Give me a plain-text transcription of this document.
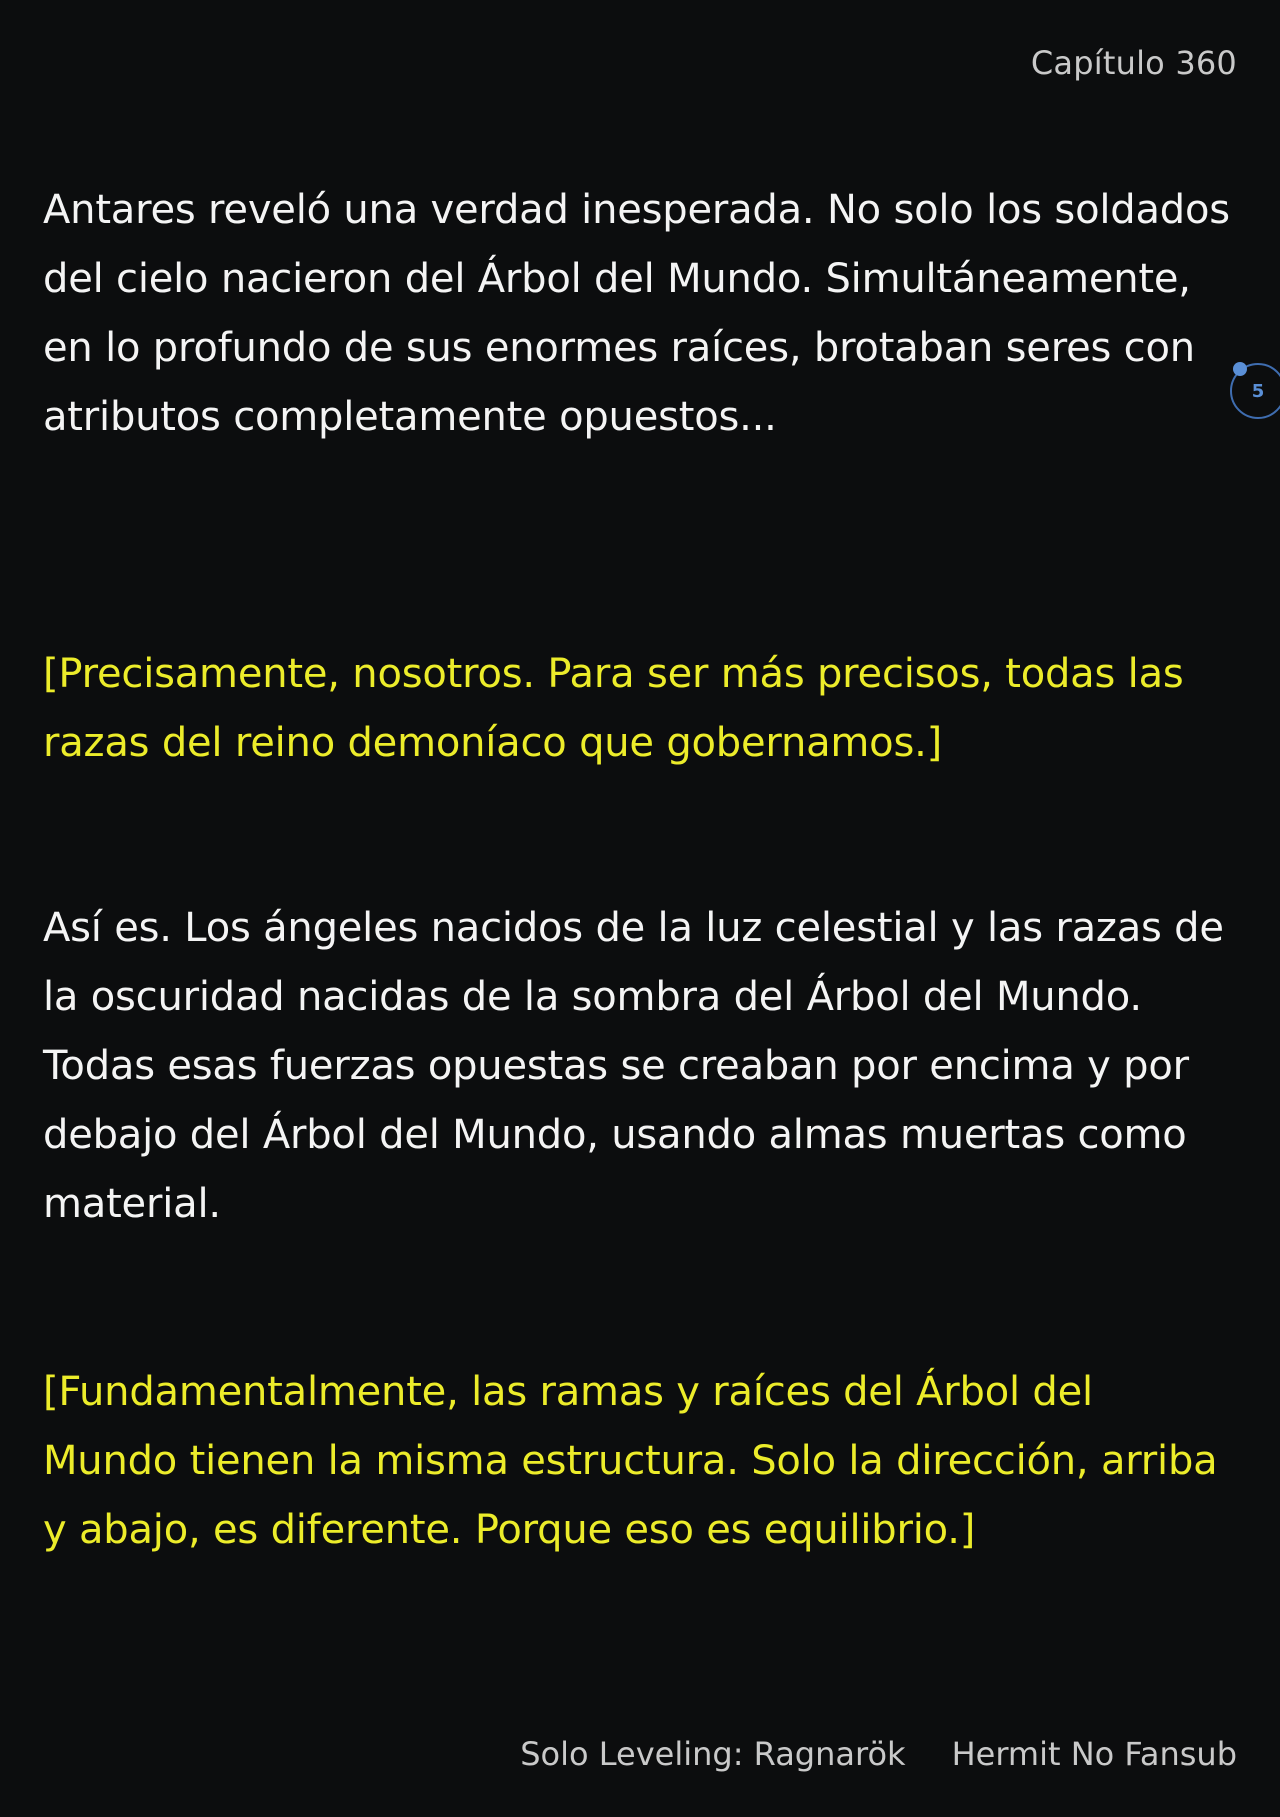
Capítulo 360

Antares reveló una verdad inesperada. No solo los soldados del cielo nacieron del Árbol del Mundo. Simultáneamente, en lo profundo de sus enormes raíces, brotaban seres con atributos completamente opuestos...

[Precisamente, nosotros. Para ser más precisos, todas las razas del reino demoníaco que gobernamos.]

Así es. Los ángeles nacidos de la luz celestial y las razas de la oscuridad nacidas de la sombra del Árbol del Mundo. Todas esas fuerzas opuestas se creaban por encima y por debajo del Árbol del Mundo, usando almas muertas como material.

[Fundamentalmente, las ramas y raíces del Árbol del Mundo tienen la misma estructura. Solo la dirección, arriba y abajo, es diferente. Porque eso es equilibrio.]

5
Solo Leveling: Ragnarök Hermit No Fansub
